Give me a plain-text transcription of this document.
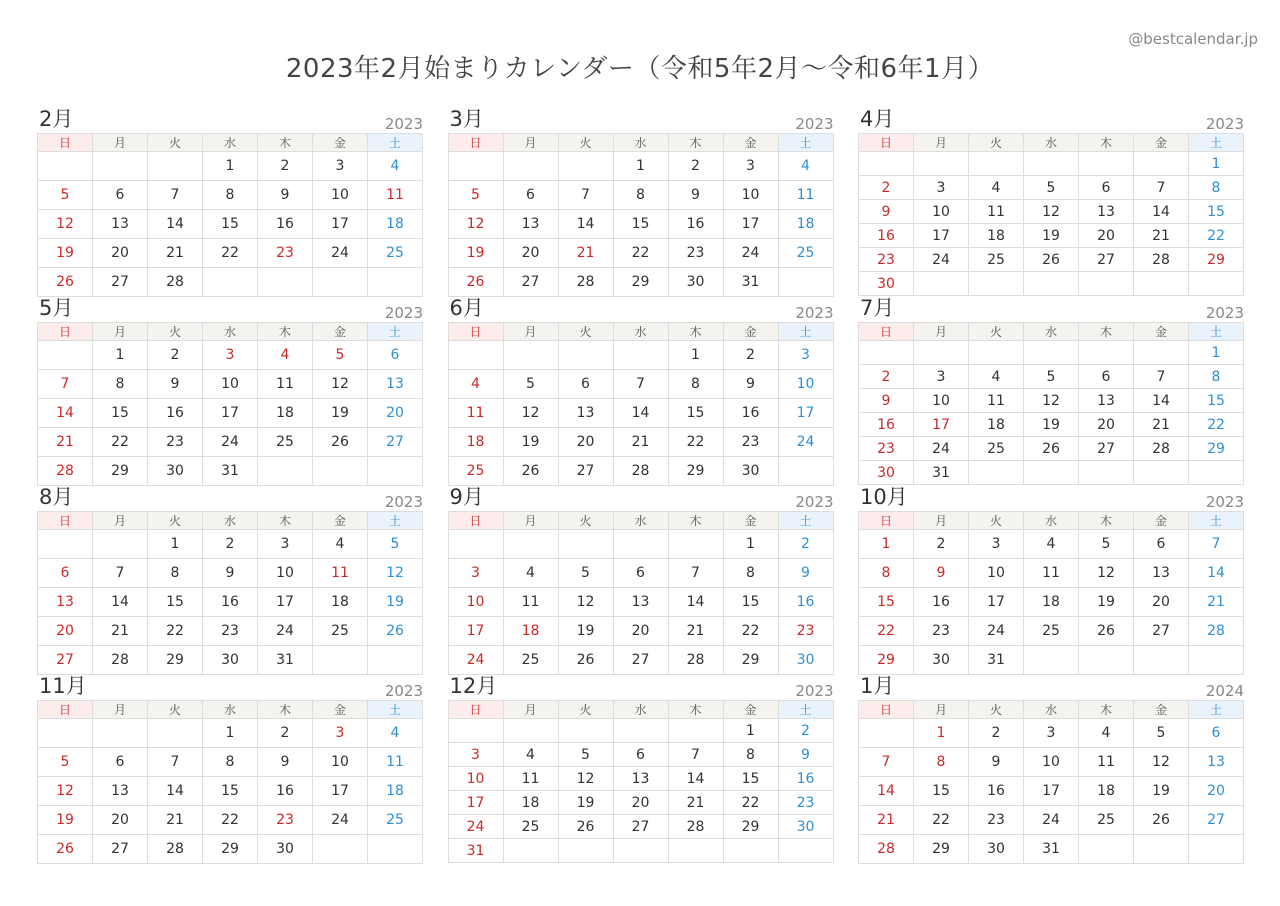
@bestcalendar.jp
2023年2月始まりカレンダー（令和5年2月〜令和6年1月）
2月	2023
日	月	火	水	木	金	土
			1	2	3	4
5	6	7	8	9	10	11
12	13	14	15	16	17	18
19	20	21	22	23	24	25
26	27	28				
3月	2023
日	月	火	水	木	金	土
			1	2	3	4
5	6	7	8	9	10	11
12	13	14	15	16	17	18
19	20	21	22	23	24	25
26	27	28	29	30	31	
4月	2023
日	月	火	水	木	金	土
						1
2	3	4	5	6	7	8
9	10	11	12	13	14	15
16	17	18	19	20	21	22
23	24	25	26	27	28	29
30						
5月	2023
日	月	火	水	木	金	土
	1	2	3	4	5	6
7	8	9	10	11	12	13
14	15	16	17	18	19	20
21	22	23	24	25	26	27
28	29	30	31			
6月	2023
日	月	火	水	木	金	土
				1	2	3
4	5	6	7	8	9	10
11	12	13	14	15	16	17
18	19	20	21	22	23	24
25	26	27	28	29	30	
7月	2023
日	月	火	水	木	金	土
						1
2	3	4	5	6	7	8
9	10	11	12	13	14	15
16	17	18	19	20	21	22
23	24	25	26	27	28	29
30	31					
8月	2023
日	月	火	水	木	金	土
		1	2	3	4	5
6	7	8	9	10	11	12
13	14	15	16	17	18	19
20	21	22	23	24	25	26
27	28	29	30	31		
9月	2023
日	月	火	水	木	金	土
					1	2
3	4	5	6	7	8	9
10	11	12	13	14	15	16
17	18	19	20	21	22	23
24	25	26	27	28	29	30
10月	2023
日	月	火	水	木	金	土
1	2	3	4	5	6	7
8	9	10	11	12	13	14
15	16	17	18	19	20	21
22	23	24	25	26	27	28
29	30	31				
11月	2023
日	月	火	水	木	金	土
			1	2	3	4
5	6	7	8	9	10	11
12	13	14	15	16	17	18
19	20	21	22	23	24	25
26	27	28	29	30		
12月	2023
日	月	火	水	木	金	土
					1	2
3	4	5	6	7	8	9
10	11	12	13	14	15	16
17	18	19	20	21	22	23
24	25	26	27	28	29	30
31						
1月	2024
日	月	火	水	木	金	土
	1	2	3	4	5	6
7	8	9	10	11	12	13
14	15	16	17	18	19	20
21	22	23	24	25	26	27
28	29	30	31			
